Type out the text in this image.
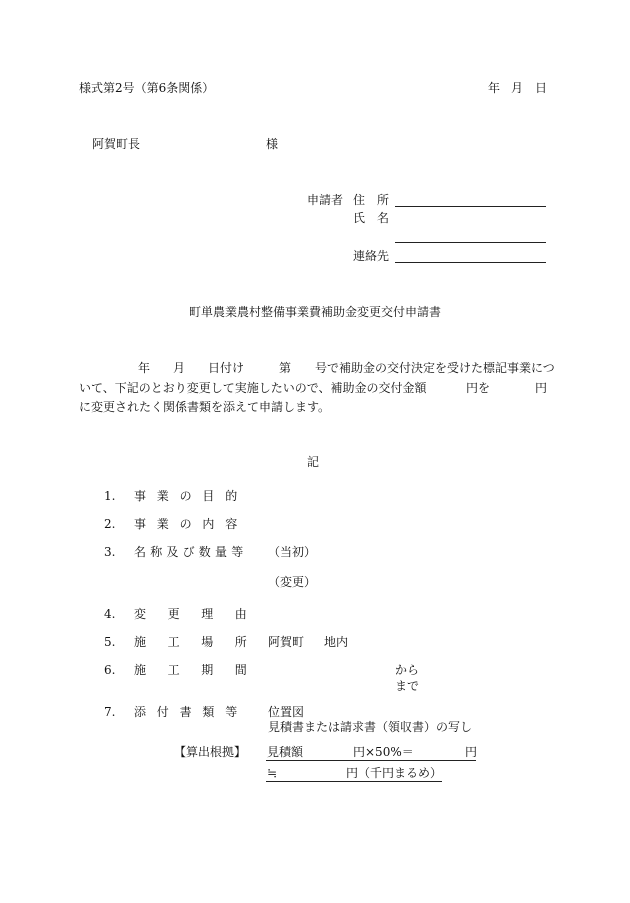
様式第2号（第6条関係）	年 月 日
阿賀町長	様
申請者 住　所
氏　名
連絡先
町単農業農村整備事業費補助金変更交付申請書
年 月 日付け	第 号で補助金の交付決定を受けた標記事業につ
いて、下記のとおり変更して実施したいので、補助金の交付金額	円を	円
に変更されたく関係書類を添えて申請します。
記
1. 事業の目的
2. 事業の内容
3. 名称及び数量等 （当初）
（変更）
4. 変更理由
5. 施工場所 阿賀町 地内
6. 施工期間	から
まで
7. 添付書類等 位置図
見積書または請求書（領収書）の写し
【算出根拠】 見積額	円×50%＝	円
≒	円（千円まるめ）
